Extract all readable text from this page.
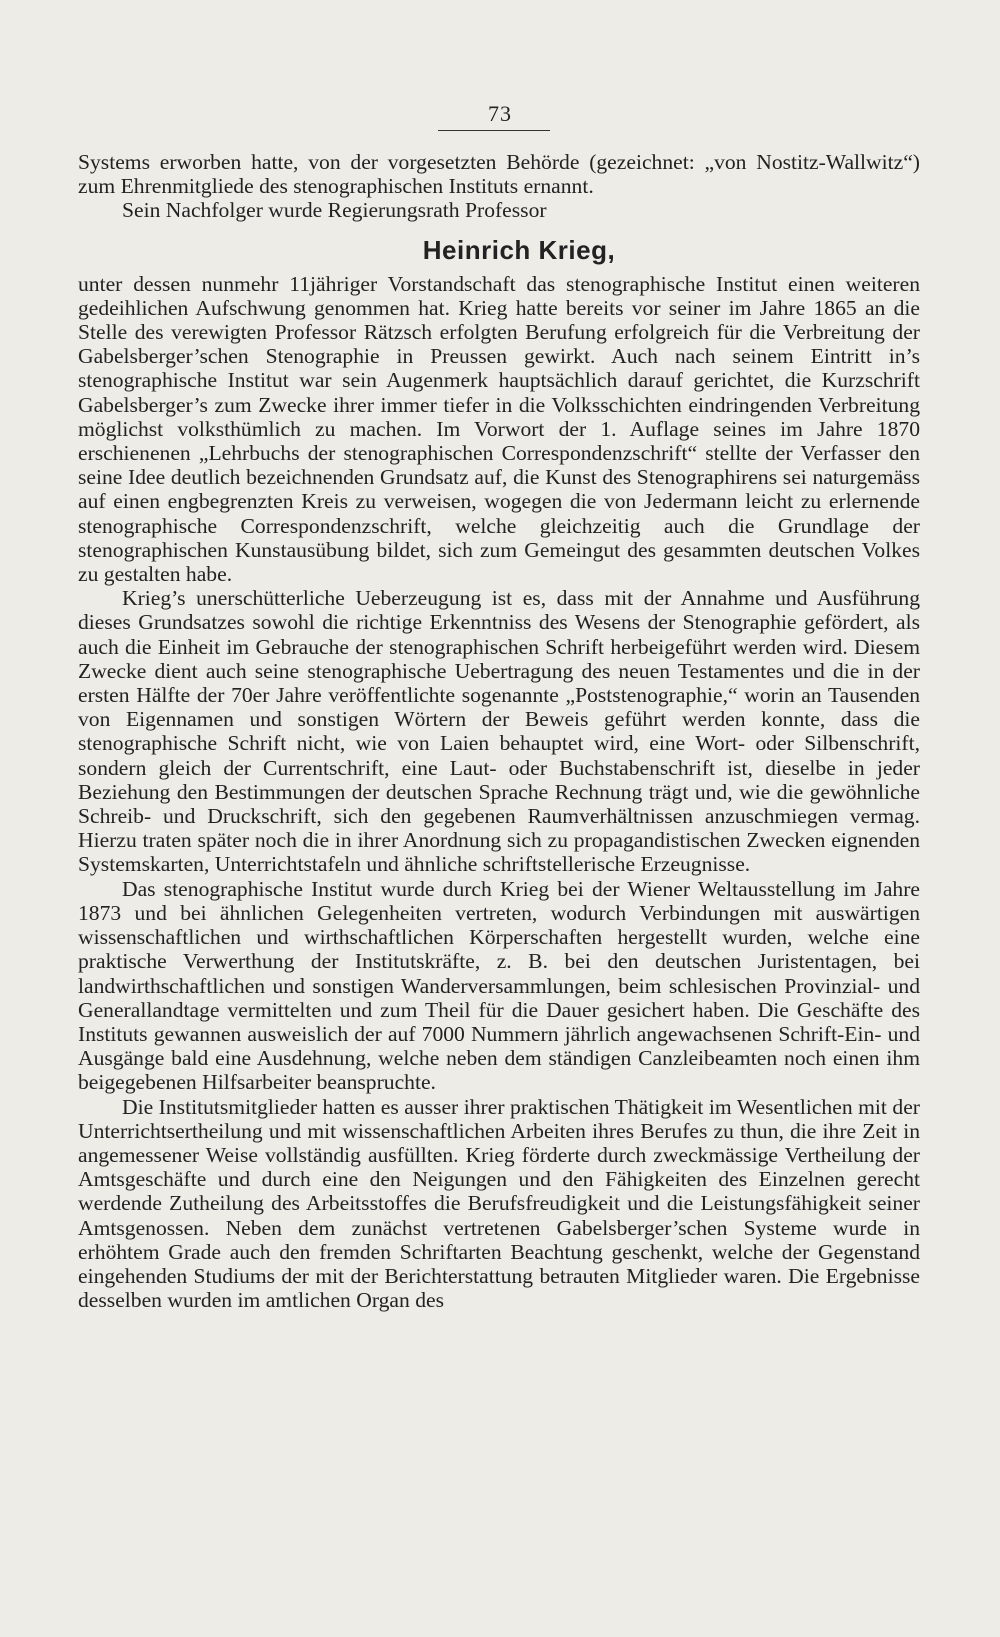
73

Systems erworben hatte, von der vorgesetzten Behörde (gezeichnet: „von Nostitz-Wallwitz“) zum Ehrenmitgliede des stenographischen Instituts ernannt.

Sein Nachfolger wurde Regierungsrath Professor

Heinrich Krieg,

unter dessen nunmehr 11jähriger Vorstandschaft das stenographische Institut einen weiteren gedeihlichen Aufschwung genommen hat. Krieg hatte bereits vor seiner im Jahre 1865 an die Stelle des verewigten Professor Rätzsch erfolgten Berufung erfolgreich für die Verbreitung der Gabelsberger’schen Stenographie in Preussen gewirkt. Auch nach seinem Eintritt in’s stenographische Institut war sein Augenmerk hauptsächlich darauf gerichtet, die Kurzschrift Gabelsberger’s zum Zwecke ihrer immer tiefer in die Volksschichten eindringenden Verbreitung möglichst volksthümlich zu machen. Im Vorwort der 1. Auflage seines im Jahre 1870 erschienenen „Lehrbuchs der stenographischen Correspondenzschrift“ stellte der Verfasser den seine Idee deutlich bezeichnenden Grundsatz auf, die Kunst des Stenographirens sei naturgemäss auf einen engbegrenzten Kreis zu verweisen, wogegen die von Jedermann leicht zu erlernende stenographische Correspondenzschrift, welche gleichzeitig auch die Grundlage der stenographischen Kunstausübung bildet, sich zum Gemeingut des gesammten deutschen Volkes zu gestalten habe.

Krieg’s unerschütterliche Ueberzeugung ist es, dass mit der Annahme und Ausführung dieses Grundsatzes sowohl die richtige Erkenntniss des Wesens der Stenographie gefördert, als auch die Einheit im Gebrauche der stenographischen Schrift herbeigeführt werden wird. Diesem Zwecke dient auch seine stenographische Uebertragung des neuen Testamentes und die in der ersten Hälfte der 70er Jahre veröffentlichte sogenannte „Poststenographie,“ worin an Tausenden von Eigennamen und sonstigen Wörtern der Beweis geführt werden konnte, dass die stenographische Schrift nicht, wie von Laien behauptet wird, eine Wort- oder Silbenschrift, sondern gleich der Currentschrift, eine Laut- oder Buchstabenschrift ist, dieselbe in jeder Beziehung den Bestimmungen der deutschen Sprache Rechnung trägt und, wie die gewöhnliche Schreib- und Druckschrift, sich den gegebenen Raumverhältnissen anzuschmiegen vermag. Hierzu traten später noch die in ihrer Anordnung sich zu propagandistischen Zwecken eignenden Systemskarten, Unterrichtstafeln und ähnliche schriftstellerische Erzeugnisse.

Das stenographische Institut wurde durch Krieg bei der Wiener Weltausstellung im Jahre 1873 und bei ähnlichen Gelegenheiten vertreten, wodurch Verbindungen mit auswärtigen wissenschaftlichen und wirthschaftlichen Körperschaften hergestellt wurden, welche eine praktische Verwerthung der Institutskräfte, z. B. bei den deutschen Juristentagen, bei landwirthschaftlichen und sonstigen Wanderversammlungen, beim schlesischen Provinzial- und Generallandtage vermittelten und zum Theil für die Dauer gesichert haben. Die Geschäfte des Instituts gewannen ausweislich der auf 7000 Nummern jährlich angewachsenen Schrift-Ein- und Ausgänge bald eine Ausdehnung, welche neben dem ständigen Canzleibeamten noch einen ihm beigegebenen Hilfsarbeiter beanspruchte.

Die Institutsmitglieder hatten es ausser ihrer praktischen Thätigkeit im Wesentlichen mit der Unterrichtsertheilung und mit wissenschaftlichen Arbeiten ihres Berufes zu thun, die ihre Zeit in angemessener Weise vollständig ausfüllten. Krieg förderte durch zweckmässige Vertheilung der Amtsgeschäfte und durch eine den Neigungen und den Fähigkeiten des Einzelnen gerecht werdende Zutheilung des Arbeitsstoffes die Berufsfreudigkeit und die Leistungsfähigkeit seiner Amtsgenossen. Neben dem zunächst vertretenen Gabelsberger’schen Systeme wurde in erhöhtem Grade auch den fremden Schriftarten Beachtung geschenkt, welche der Gegenstand eingehenden Studiums der mit der Berichterstattung betrauten Mitglieder waren. Die Ergebnisse desselben wurden im amtlichen Organ des
